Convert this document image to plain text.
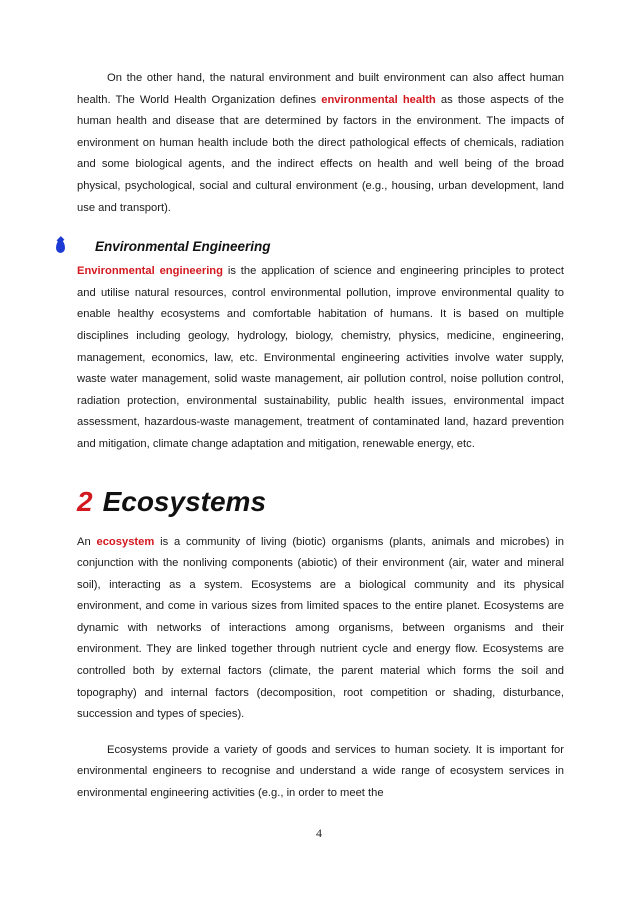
On the other hand, the natural environment and built environment can also affect human health. The World Health Organization defines environmental health as those aspects of the human health and disease that are determined by factors in the environment. The impacts of environment on human health include both the direct pathological effects of chemicals, radiation and some biological agents, and the indirect effects on health and well being of the broad physical, psychological, social and cultural environment (e.g., housing, urban development, land use and transport).

Environmental Engineering

Environmental engineering is the application of science and engineering principles to protect and utilise natural resources, control environmental pollution, improve environmental quality to enable healthy ecosystems and comfortable habitation of humans. It is based on multiple disciplines including geology, hydrology, biology, chemistry, physics, medicine, engineering, management, economics, law, etc. Environmental engineering activities involve water supply, waste water management, solid waste management, air pollution control, noise pollution control, radiation protection, environmental sustainability, public health issues, environmental impact assessment, hazardous-waste management, treatment of contaminated land, hazard prevention and mitigation, climate change adaptation and mitigation, renewable energy, etc.

2 Ecosystems

An ecosystem is a community of living (biotic) organisms (plants, animals and microbes) in conjunction with the nonliving components (abiotic) of their environment (air, water and mineral soil), interacting as a system. Ecosystems are a biological community and its physical environment, and come in various sizes from limited spaces to the entire planet. Ecosystems are dynamic with networks of interactions among organisms, between organisms and their environment. They are linked together through nutrient cycle and energy flow. Ecosystems are controlled both by external factors (climate, the parent material which forms the soil and topography) and internal factors (decomposition, root competition or shading, disturbance, succession and types of species).

Ecosystems provide a variety of goods and services to human society. It is important for environmental engineers to recognise and understand a wide range of ecosystem services in environmental engineering activities (e.g., in order to meet the

4
